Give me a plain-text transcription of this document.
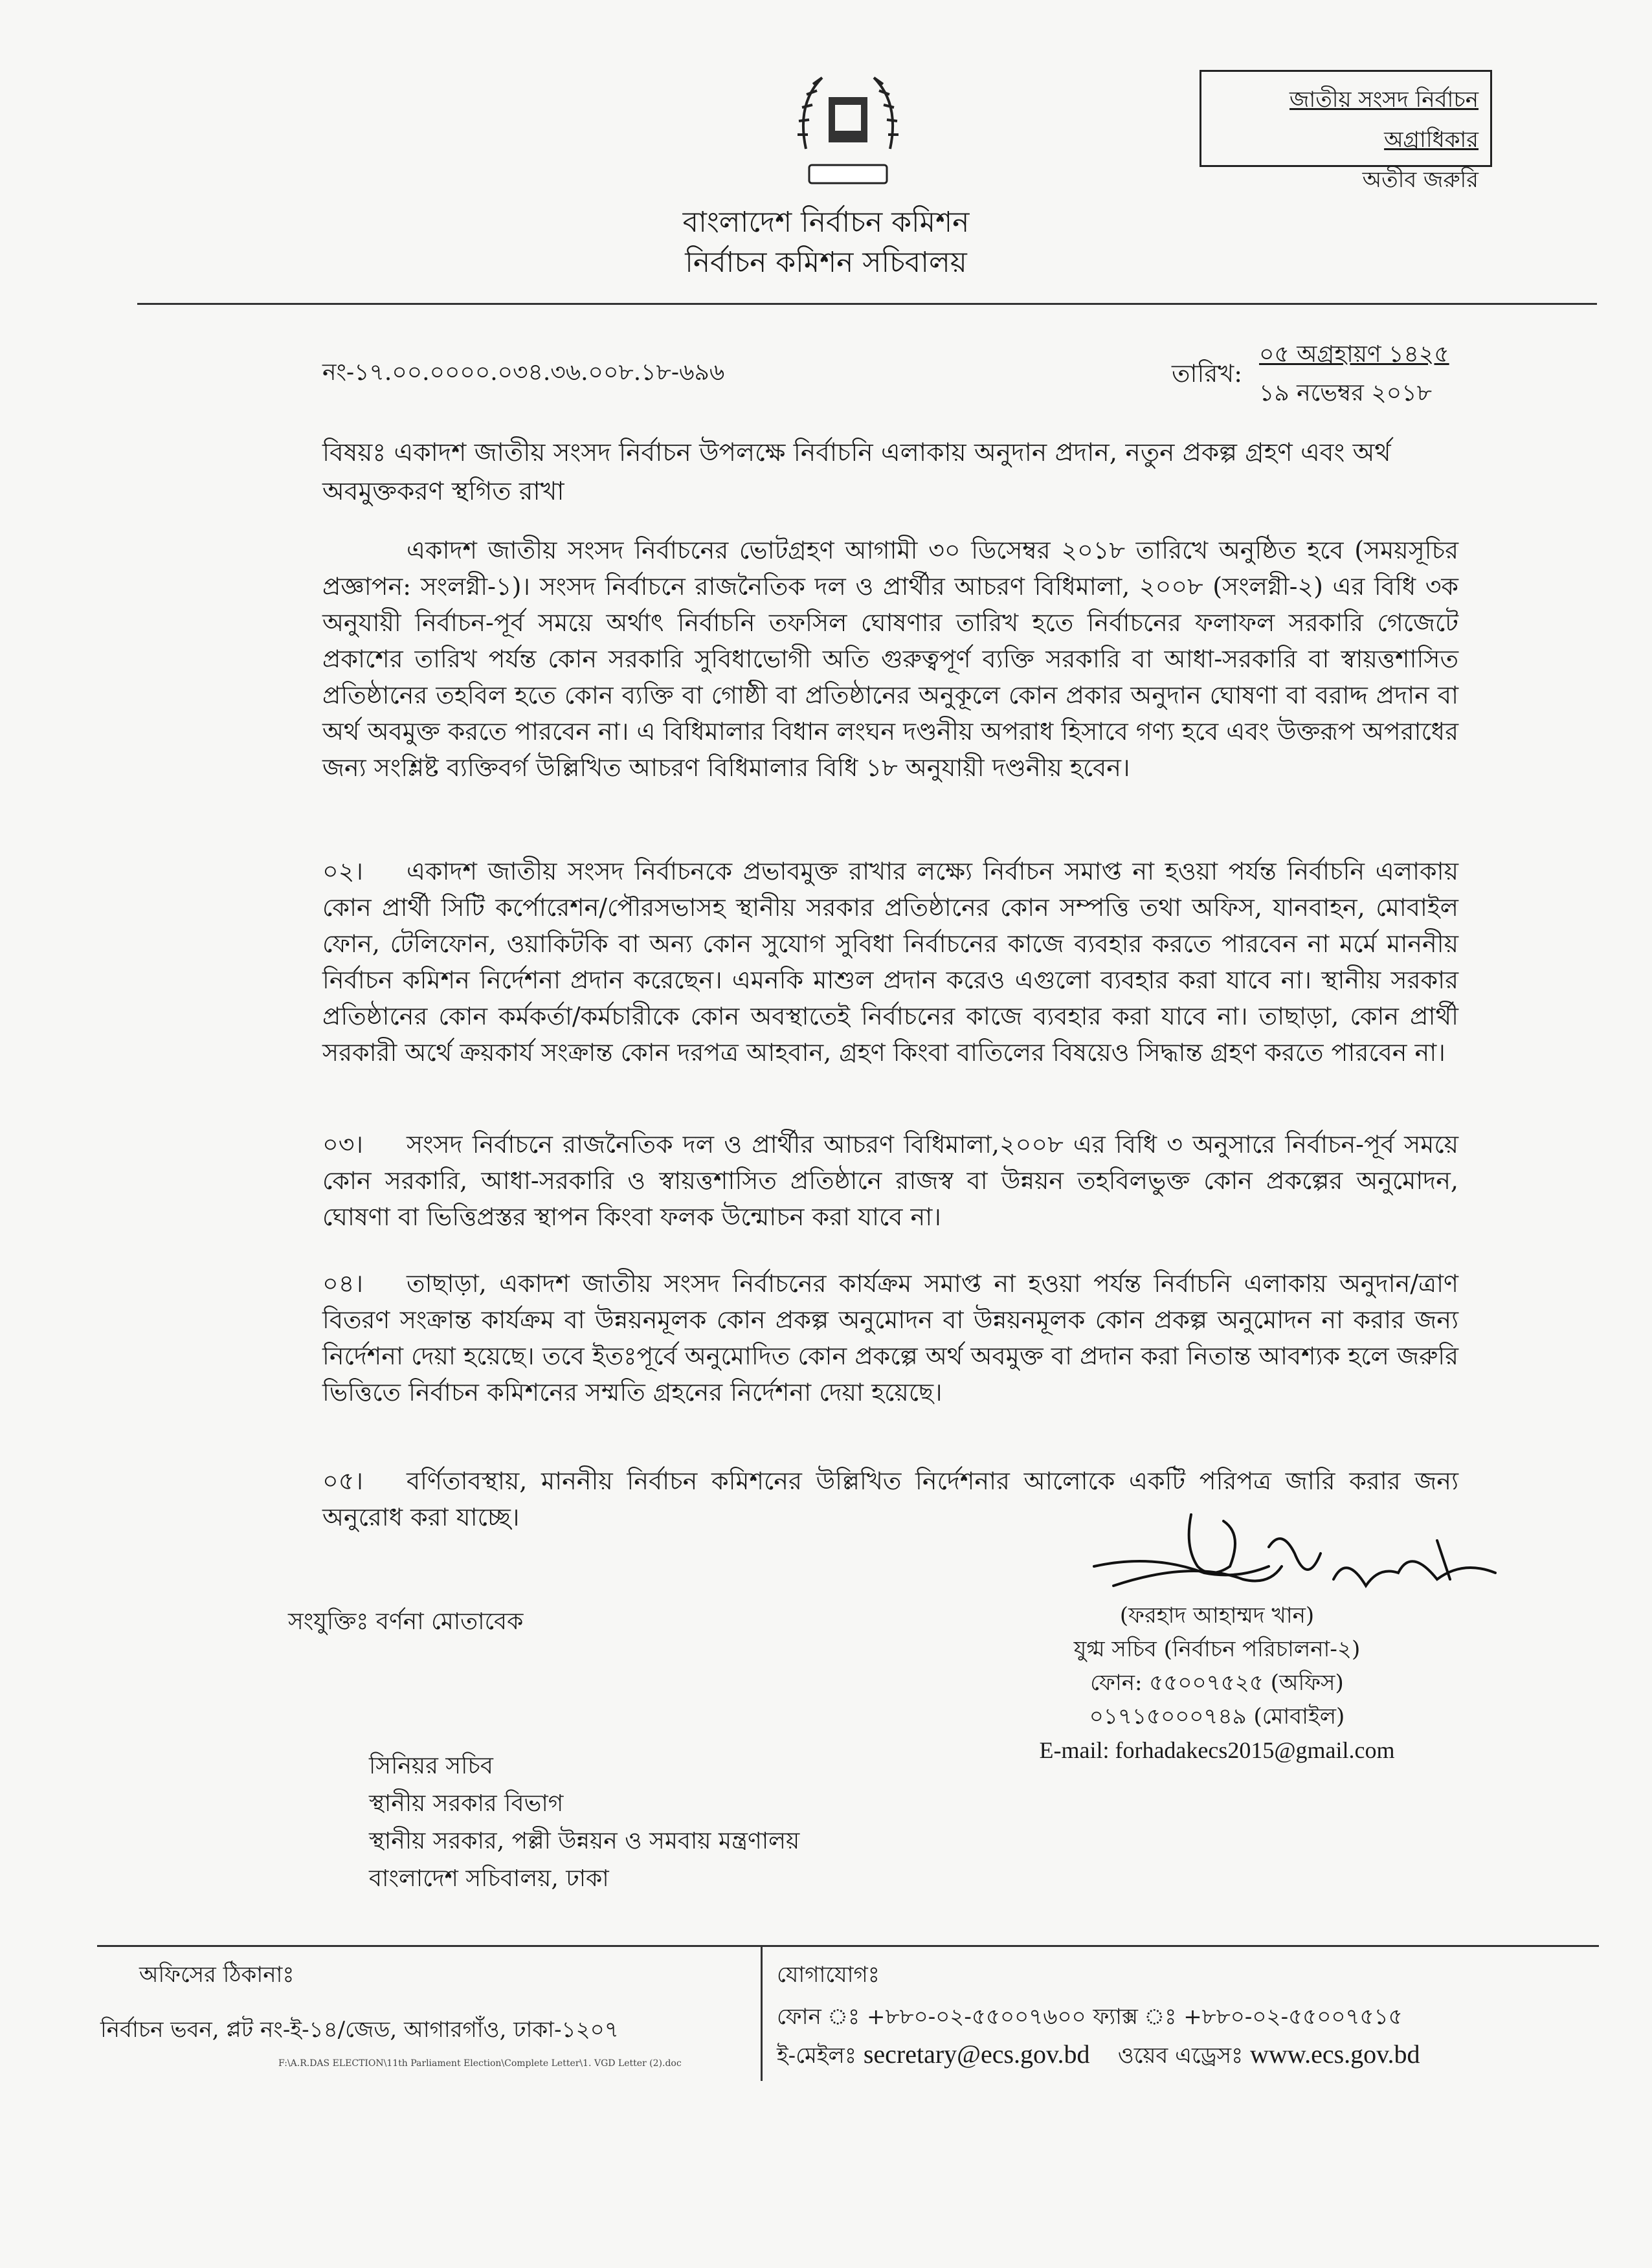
জাতীয় সংসদ নির্বাচন অগ্রাধিকার
অতীব জরুরি
বাংলাদেশ নির্বাচন কমিশন
নির্বাচন কমিশন সচিবালয়
নং-১৭.০০.০০০০.০৩৪.৩৬.০০৮.১৮-৬৯৬	তারিখ:
০৫ অগ্রহায়ণ ১৪২৫
১৯ নভেম্বর ২০১৮
বিষয়ঃ একাদশ জাতীয় সংসদ নির্বাচন উপলক্ষে নির্বাচনি এলাকায় অনুদান প্রদান, নতুন প্রকল্প গ্রহণ এবং অর্থ অবমুক্তকরণ স্থগিত রাখা
একাদশ জাতীয় সংসদ নির্বাচনের ভোটগ্রহণ আগামী ৩০ ডিসেম্বর ২০১৮ তারিখে অনুষ্ঠিত হবে (সময়সূচির প্রজ্ঞাপন: সংলগ্নী-১)। সংসদ নির্বাচনে রাজনৈতিক দল ও প্রার্থীর আচরণ বিধিমালা, ২০০৮ (সংলগ্নী-২) এর বিধি ৩ক অনুযায়ী নির্বাচন-পূর্ব সময়ে অর্থাৎ নির্বাচনি তফসিল ঘোষণার তারিখ হতে নির্বাচনের ফলাফল সরকারি গেজেটে প্রকাশের তারিখ পর্যন্ত কোন সরকারি সুবিধাভোগী অতি গুরুত্বপূর্ণ ব্যক্তি সরকারি বা আধা-সরকারি বা স্বায়ত্তশাসিত প্রতিষ্ঠানের তহবিল হতে কোন ব্যক্তি বা গোষ্ঠী বা প্রতিষ্ঠানের অনুকূলে কোন প্রকার অনুদান ঘোষণা বা বরাদ্দ প্রদান বা অর্থ অবমুক্ত করতে পারবেন না। এ বিধিমালার বিধান লংঘন দণ্ডনীয় অপরাধ হিসাবে গণ্য হবে এবং উক্তরূপ অপরাধের জন্য সংশ্লিষ্ট ব্যক্তিবর্গ উল্লিখিত আচরণ বিধিমালার বিধি ১৮ অনুযায়ী দণ্ডনীয় হবেন।
০২। একাদশ জাতীয় সংসদ নির্বাচনকে প্রভাবমুক্ত রাখার লক্ষ্যে নির্বাচন সমাপ্ত না হওয়া পর্যন্ত নির্বাচনি এলাকায় কোন প্রার্থী সিটি কর্পোরেশন/পৌরসভাসহ স্থানীয় সরকার প্রতিষ্ঠানের কোন সম্পত্তি তথা অফিস, যানবাহন, মোবাইল ফোন, টেলিফোন, ওয়াকিটকি বা অন্য কোন সুযোগ সুবিধা নির্বাচনের কাজে ব্যবহার করতে পারবেন না মর্মে মাননীয় নির্বাচন কমিশন নির্দেশনা প্রদান করেছেন। এমনকি মাশুল প্রদান করেও এগুলো ব্যবহার করা যাবে না। স্থানীয় সরকার প্রতিষ্ঠানের কোন কর্মকর্তা/কর্মচারীকে কোন অবস্থাতেই নির্বাচনের কাজে ব্যবহার করা যাবে না। তাছাড়া, কোন প্রার্থী সরকারী অর্থে ক্রয়কার্য সংক্রান্ত কোন দরপত্র আহবান, গ্রহণ কিংবা বাতিলের বিষয়েও সিদ্ধান্ত গ্রহণ করতে পারবেন না।
০৩। সংসদ নির্বাচনে রাজনৈতিক দল ও প্রার্থীর আচরণ বিধিমালা,২০০৮ এর বিধি ৩ অনুসারে নির্বাচন-পূর্ব সময়ে কোন সরকারি, আধা-সরকারি ও স্বায়ত্তশাসিত প্রতিষ্ঠানে রাজস্ব বা উন্নয়ন তহবিলভুক্ত কোন প্রকল্পের অনুমোদন, ঘোষণা বা ভিত্তিপ্রস্তর স্থাপন কিংবা ফলক উন্মোচন করা যাবে না।
০৪। তাছাড়া, একাদশ জাতীয় সংসদ নির্বাচনের কার্যক্রম সমাপ্ত না হওয়া পর্যন্ত নির্বাচনি এলাকায় অনুদান/ত্রাণ বিতরণ সংক্রান্ত কার্যক্রম বা উন্নয়নমূলক কোন প্রকল্প অনুমোদন বা উন্নয়নমূলক কোন প্রকল্প অনুমোদন না করার জন্য নির্দেশনা দেয়া হয়েছে। তবে ইতঃপূর্বে অনুমোদিত কোন প্রকল্পে অর্থ অবমুক্ত বা প্রদান করা নিতান্ত আবশ্যক হলে জরুরি ভিত্তিতে নির্বাচন কমিশনের সম্মতি গ্রহনের নির্দেশনা দেয়া হয়েছে।
০৫। বর্ণিতাবস্থায়, মাননীয় নির্বাচন কমিশনের উল্লিখিত নির্দেশনার আলোকে একটি পরিপত্র জারি করার জন্য অনুরোধ করা যাচ্ছে।
সংযুক্তিঃ বর্ণনা মোতাবেক	(ফরহাদ আহাম্মদ খান)
যুগ্ম সচিব (নির্বাচন পরিচালনা-২)
ফোন: ৫৫০০৭৫২৫ (অফিস)
০১৭১৫০০০৭৪৯ (মোবাইল)
E-mail: forhadakecs2015@gmail.com
সিনিয়র সচিব
স্থানীয় সরকার বিভাগ
স্থানীয় সরকার, পল্লী উন্নয়ন ও সমবায় মন্ত্রণালয়
বাংলাদেশ সচিবালয়, ঢাকা
অফিসের ঠিকানাঃ
নির্বাচন ভবন, প্লট নং-ই-১৪/জেড, আগারগাঁও, ঢাকা-১২০৭
F:\A.R.DAS ELECTION\11th Parliament Election\Complete Letter\1. VGD Letter (2).doc
যোগাযোগঃ
ফোন ঃ +৮৮০-০২-৫৫০০৭৬০০ ফ্যাক্স ঃ +৮৮০-০২-৫৫০০৭৫১৫
ই-মেইলঃ secretary@ecs.gov.bd ওয়েব এড্রেসঃ www.ecs.gov.bd
